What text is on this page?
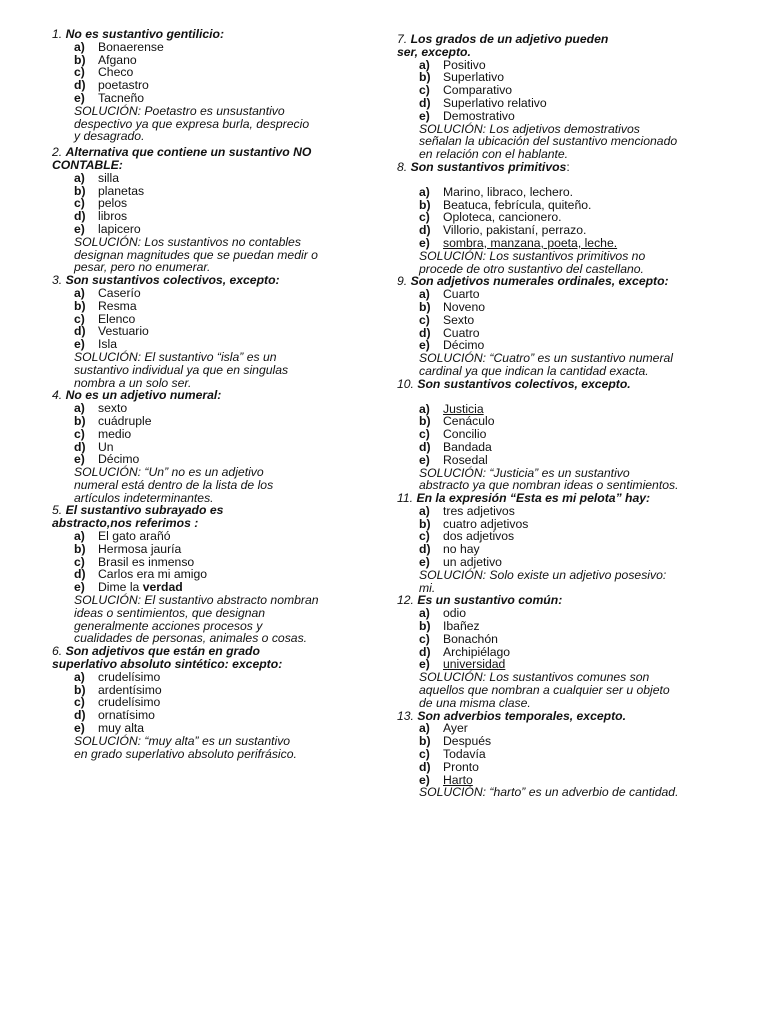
1. No es sustantivo gentilicio:
a) Bonaerense
b) Afgano
c) Checo
d) poetastro
e) Tacneño
SOLUCIÓN: Poetastro es unsustantivo
despectivo ya que expresa burla, desprecio
y desagrado.
2. Alternativa que contiene un sustantivo NO
CONTABLE:
a) silla
b) planetas
c) pelos
d) libros
e) lapicero
SOLUCIÓN: Los sustantivos no contables
designan magnitudes que se puedan medir o
pesar, pero no enumerar.
3. Son sustantivos colectivos, excepto:
a) Caserío
b) Resma
c) Elenco
d) Vestuario
e) Isla
SOLUCIÓN: El sustantivo “isla” es un
sustantivo individual ya que en singulas
nombra a un solo ser.
4. No es un adjetivo numeral:
a) sexto
b) cuádruple
c) medio
d) Un
e) Décimo
SOLUCIÓN: “Un” no es un adjetivo
numeral está dentro de la lista de los
artículos indeterminantes.
5. El sustantivo subrayado es
abstracto,nos referimos :
a) El gato arañó
b) Hermosa jauría
c) Brasil es inmenso
d) Carlos era mi amigo
e) Dime la verdad
SOLUCIÓN: El sustantivo abstracto nombran
ideas o sentimientos, que designan
generalmente acciones procesos y
cualidades de personas, animales o cosas.
6. Son adjetivos que están en grado
superlativo absoluto sintético: excepto:
a) crudelísimo
b) ardentísimo
c) crudelísimo
d) ornatísimo
e) muy alta
SOLUCIÓN: “muy alta” es un sustantivo
en grado superlativo absoluto perifrásico.
7. Los grados de un adjetivo pueden
ser, excepto.
a) Positivo
b) Superlativo
c) Comparativo
d) Superlativo relativo
e) Demostrativo
SOLUCIÓN: Los adjetivos demostrativos
señalan la ubicación del sustantivo mencionado
en relación con el hablante.
8. Son sustantivos primitivos:
a) Marino, libraco, lechero.
b) Beatuca, febrícula, quiteño.
c) Oploteca, cancionero.
d) Villorio, pakistaní, perrazo.
e) sombra, manzana, poeta, leche.
SOLUCIÓN: Los sustantivos primitivos no
procede de otro sustantivo del castellano.
9. Son adjetivos numerales ordinales, excepto:
a) Cuarto
b) Noveno
c) Sexto
d) Cuatro
e) Décimo
SOLUCIÓN: “Cuatro” es un sustantivo numeral
cardinal ya que indican la cantidad exacta.
10. Son sustantivos colectivos, excepto.
a) Justicia
b) Cenáculo
c) Concilio
d) Bandada
e) Rosedal
SOLUCIÓN: “Justicia” es un sustantivo
abstracto ya que nombran ideas o sentimientos.
11. En la expresión “Esta es mi pelota” hay:
a) tres adjetivos
b) cuatro adjetivos
c) dos adjetivos
d) no hay
e) un adjetivo
SOLUCIÓN: Solo existe un adjetivo posesivo:
mi.
12. Es un sustantivo común:
a) odio
b) Ibañez
c) Bonachón
d) Archipiélago
e) universidad
SOLUCIÓN: Los sustantivos comunes son
aquellos que nombran a cualquier ser u objeto
de una misma clase.
13. Son adverbios temporales, excepto.
a) Ayer
b) Después
c) Todavía
d) Pronto
e) Harto
SOLUCIÓN: “harto” es un adverbio de cantidad.
